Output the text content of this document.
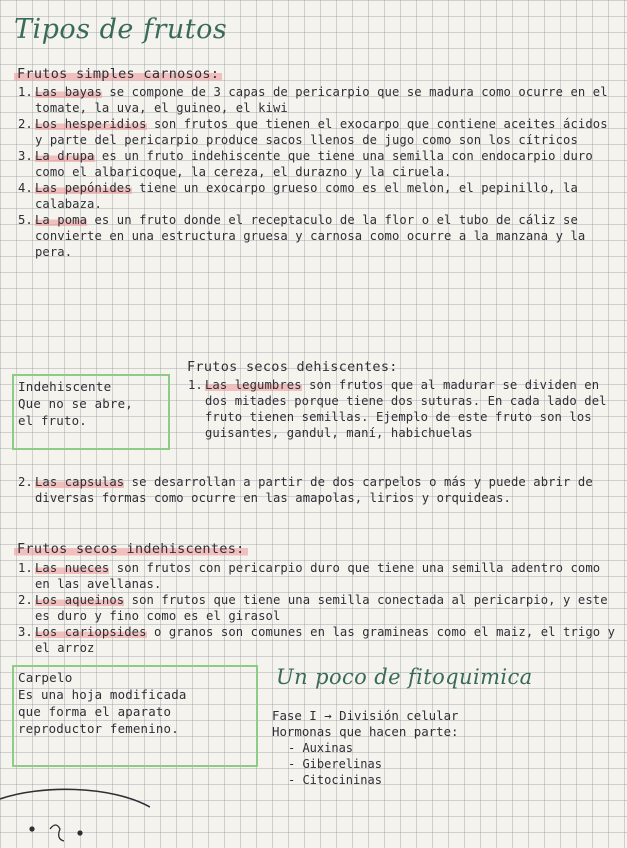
Tipos de frutos
Frutos simples carnosos:
1. Las bayas se compone de 3 capas de pericarpio que se madura como ocurre en el tomate, la uva, el guineo, el kiwi
2. Los hesperidios son frutos que tienen el exocarpo que contiene aceites ácidos y parte del pericarpio produce sacos llenos de jugo como son los cítricos
3. La drupa es un fruto indehiscente que tiene una semilla con endocarpio duro como el albaricoque, la cereza, el durazno y la ciruela.
4. Las pepónides tiene un exocarpo grueso como es el melon, el pepinillo, la calabaza.
5. La poma es un fruto donde el receptaculo de la flor o el tubo de cáliz se convierte en una estructura gruesa y carnosa como ocurre a la manzana y la pera.
Frutos secos dehiscentes:
Indehiscente
Que no se abre,
el fruto.
1. Las legumbres son frutos que al madurar se dividen en dos mitades porque tiene dos suturas. En cada lado del fruto tienen semillas. Ejemplo de este fruto son los guisantes, gandul, maní, habichuelas
2. Las capsulas se desarrollan a partir de dos carpelos o más y puede abrir de diversas formas como ocurre en las amapolas, lirios y orquideas.
Frutos secos indehiscentes:
1. Las nueces son frutos con pericarpio duro que tiene una semilla adentro como en las avellanas.
2. Los aqueinos son frutos que tiene una semilla conectada al pericarpio, y este es duro y fino como es el girasol
3. Los cariopsides o granos son comunes en las gramineas como el maiz, el trigo y el arroz
Carpelo
Es una hoja modificada
que forma el aparato
reproductor femenino.
Un poco de fitoquimica
Fase I → División celular
Hormonas que hacen parte:
- Auxinas
- Giberelinas
- Citocininas
